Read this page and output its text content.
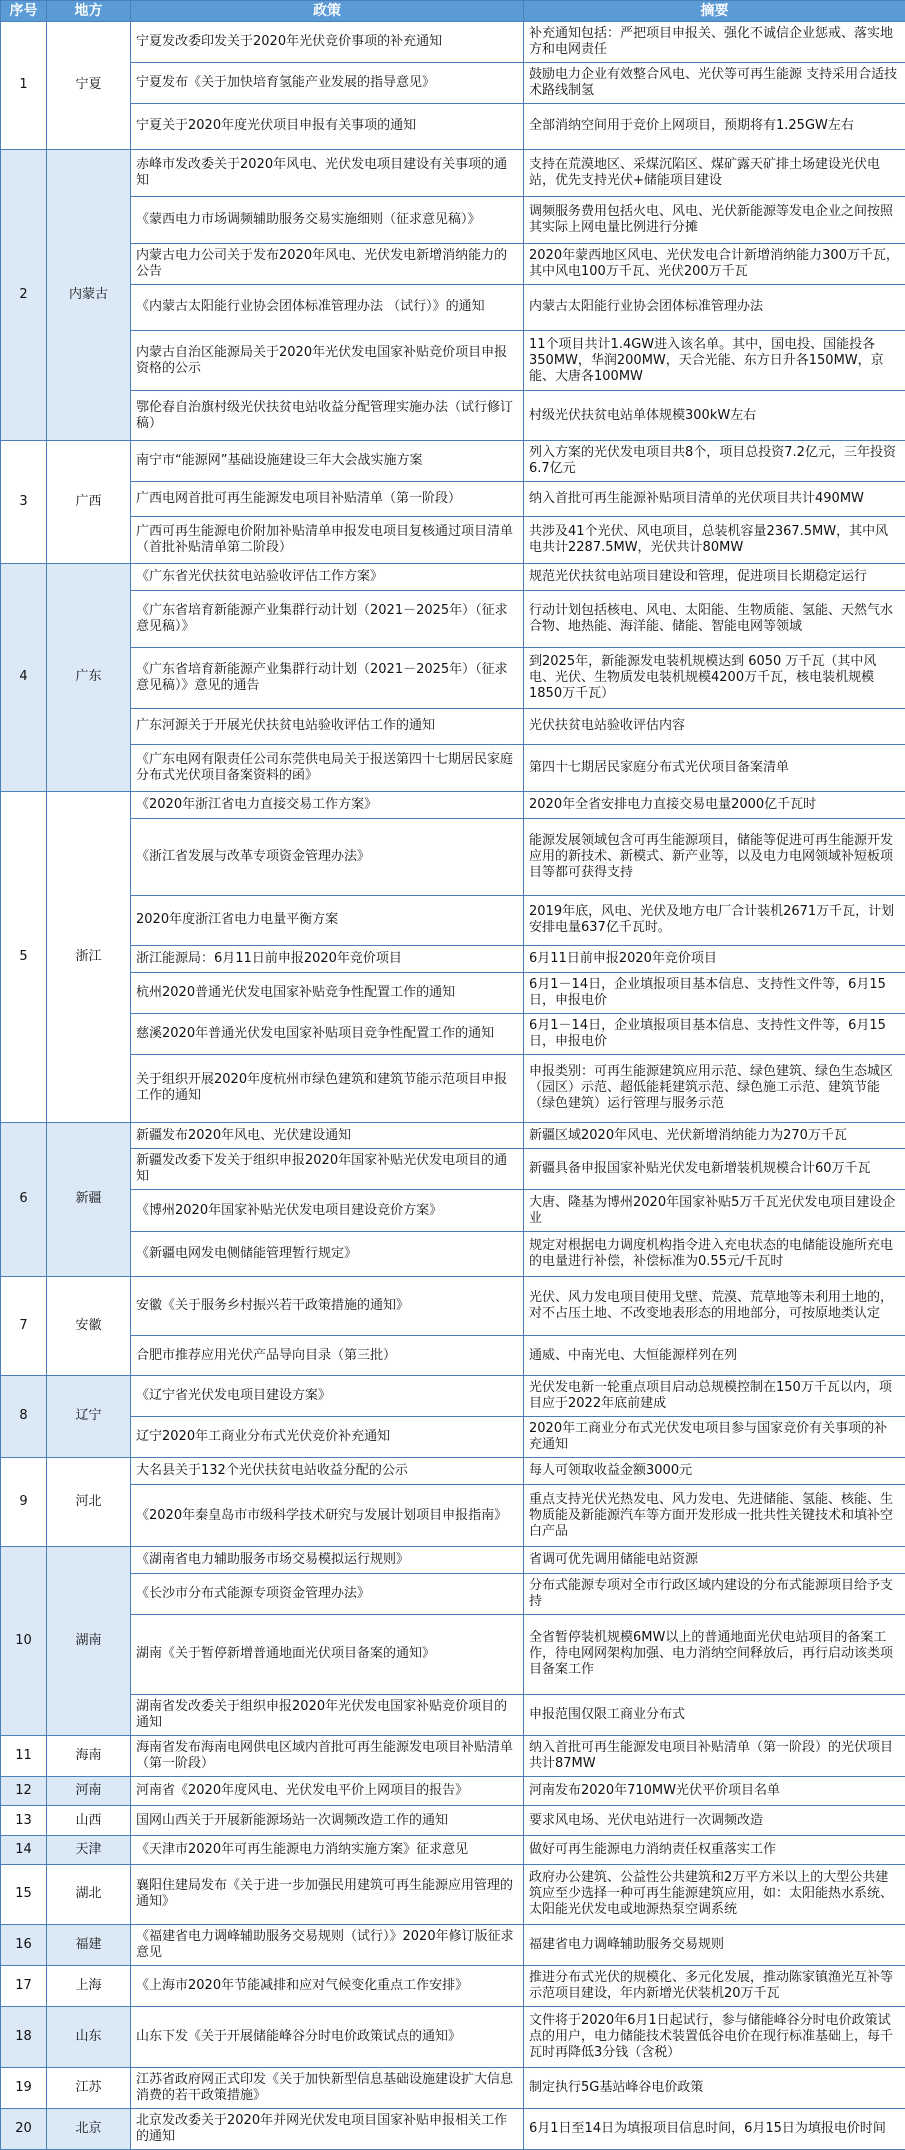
序号	地方	政策	摘要
1	宁夏	宁夏发改委印发关于2020年光伏竞价事项的补充通知	补充通知包括：严把项目申报关、强化不诚信企业惩戒、落实地方和电网责任
		宁夏发布《关于加快培育氢能产业发展的指导意见》	鼓励电力企业有效整合风电、光伏等可再生能源 支持采用合适技术路线制氢
		宁夏关于2020年度光伏项目申报有关事项的通知	全部消纳空间用于竞价上网项目，预期将有1.25GW左右
2	内蒙古	赤峰市发改委关于2020年风电、光伏发电项目建设有关事项的通知	支持在荒漠地区、采煤沉陷区、煤矿露天矿排土场建设光伏电站，优先支持光伏+储能项目建设
		《蒙西电力市场调频辅助服务交易实施细则（征求意见稿）》	调频服务费用包括火电、风电、光伏新能源等发电企业之间按照其实际上网电量比例进行分摊
		内蒙古电力公司关于发布2020年风电、光伏发电新增消纳能力的公告	2020年蒙西地区风电、光伏发电合计新增消纳能力300万千瓦，其中风电100万千瓦、光伏200万千瓦
		《内蒙古太阳能行业协会团体标准管理办法 （试行）》的通知	内蒙古太阳能行业协会团体标准管理办法
		内蒙古自治区能源局关于2020年光伏发电国家补贴竞价项目申报资格的公示	11个项目共计1.4GW进入该名单。其中，国电投、国能投各350MW，华润200MW，天合光能、东方日升各150MW，京能、大唐各100MW
		鄂伦春自治旗村级光伏扶贫电站收益分配管理实施办法（试行修订稿）	村级光伏扶贫电站单体规模300kW左右
3	广西	南宁市“能源网”基础设施建设三年大会战实施方案	列入方案的光伏发电项目共8个，项目总投资7.2亿元，三年投资6.7亿元
		广西电网首批可再生能源发电项目补贴清单（第一阶段）	纳入首批可再生能源补贴项目清单的光伏项目共计490MW
		广西可再生能源电价附加补贴清单申报发电项目复核通过项目清单（首批补贴清单第二阶段）	共涉及41个光伏、风电项目，总装机容量2367.5MW，其中风电共计2287.5MW，光伏共计80MW
4	广东	《广东省光伏扶贫电站验收评估工作方案》	规范光伏扶贫电站项目建设和管理，促进项目长期稳定运行
		《广东省培育新能源产业集群行动计划（2021－2025年）（征求意见稿）》	行动计划包括核电、风电、太阳能、生物质能、氢能、天然气水合物、地热能、海洋能、储能、智能电网等领域
		《广东省培育新能源产业集群行动计划（2021－2025年）（征求意见稿）》意见的通告	到2025年，新能源发电装机规模达到 6050 万千瓦（其中风电、光伏、生物质发电装机规模4200万千瓦，核电装机规模1850万千瓦）
		广东河源关于开展光伏扶贫电站验收评估工作的通知	光伏扶贫电站验收评估内容
		《广东电网有限责任公司东莞供电局关于报送第四十七期居民家庭分布式光伏项目备案资料的函》	第四十七期居民家庭分布式光伏项目备案清单
5	浙江	《2020年浙江省电力直接交易工作方案》	2020年全省安排电力直接交易电量2000亿千瓦时
		《浙江省发展与改革专项资金管理办法》	能源发展领域包含可再生能源项目，储能等促进可再生能源开发应用的新技术、新模式、新产业等，以及电力电网领域补短板项目等都可获得支持
		2020年度浙江省电力电量平衡方案	2019年底，风电、光伏及地方电厂合计装机2671万千瓦，计划安排电量637亿千瓦时。
		浙江能源局：6月11日前申报2020年竞价项目	6月11日前申报2020年竞价项目
		杭州2020普通光伏发电国家补贴竞争性配置工作的通知	6月1－14日，企业填报项目基本信息、支持性文件等，6月15日，申报电价
		慈溪2020年普通光伏发电国家补贴项目竞争性配置工作的通知	6月1－14日，企业填报项目基本信息、支持性文件等，6月15日，申报电价
		关于组织开展2020年度杭州市绿色建筑和建筑节能示范项目申报工作的通知	申报类别：可再生能源建筑应用示范、绿色建筑、绿色生态城区（园区）示范、超低能耗建筑示范、绿色施工示范、建筑节能（绿色建筑）运行管理与服务示范
6	新疆	新疆发布2020年风电、光伏建设通知	新疆区域2020年风电、光伏新增消纳能力为270万千瓦
		新疆发改委下发关于组织申报2020年国家补贴光伏发电项目的通知	新疆具备申报国家补贴光伏发电新增装机规模合计60万千瓦
		《博州2020年国家补贴光伏发电项目建设竞价方案》	大唐、隆基为博州2020年国家补贴5万千瓦光伏发电项目建设企业
		《新疆电网发电侧储能管理暂行规定》	规定对根据电力调度机构指令进入充电状态的电储能设施所充电的电量进行补偿，补偿标准为0.55元/千瓦时
7	安徽	安徽《关于服务乡村振兴若干政策措施的通知》	光伏、风力发电项目使用戈壁、荒漠、荒草地等未利用土地的，对不占压土地、不改变地表形态的用地部分，可按原地类认定
		合肥市推荐应用光伏产品导向目录（第三批）	通威、中南光电、大恒能源样列在列
8	辽宁	《辽宁省光伏发电项目建设方案》	光伏发电新一轮重点项目启动总规模控制在150万千瓦以内，项目应于2022年底前建成
		辽宁2020年工商业分布式光伏竞价补充通知	2020年工商业分布式光伏发电项目参与国家竞价有关事项的补充通知
9	河北	大名县关于132个光伏扶贫电站收益分配的公示	每人可领取收益金额3000元
		《2020年秦皇岛市市级科学技术研究与发展计划项目申报指南》	重点支持光伏光热发电、风力发电、先进储能、氢能、核能、生物质能及新能源汽车等方面开发形成一批共性关键技术和填补空白产品
10	湖南	《湖南省电力辅助服务市场交易模拟运行规则》	省调可优先调用储能电站资源
		《长沙市分布式能源专项资金管理办法》	分布式能源专项对全市行政区域内建设的分布式能源项目给予支持
		湖南《关于暂停新增普通地面光伏项目备案的通知》	全省暂停装机规模6MW以上的普通地面光伏电站项目的备案工作，待电网网架构加强、电力消纳空间释放后，再行启动该类项目备案工作
		湖南省发改委关于组织申报2020年光伏发电国家补贴竞价项目的通知	申报范围仅限工商业分布式
11	海南	海南省发布海南电网供电区域内首批可再生能源发电项目补贴清单（第一阶段）	纳入首批可再生能源发电项目补贴清单（第一阶段）的光伏项目共计87MW
12	河南	河南省《2020年度风电、光伏发电平价上网项目的报告》	河南发布2020年710MW光伏平价项目名单
13	山西	国网山西关于开展新能源场站一次调频改造工作的通知	要求风电场、光伏电站进行一次调频改造
14	天津	《天津市2020年可再生能源电力消纳实施方案》征求意见	做好可再生能源电力消纳责任权重落实工作
15	湖北	襄阳住建局发布《关于进一步加强民用建筑可再生能源应用管理的通知》	政府办公建筑、公益性公共建筑和2万平方米以上的大型公共建筑应至少选择一种可再生能源建筑应用，如：太阳能热水系统、太阳能光伏发电或地源热泵空调系统
16	福建	《福建省电力调峰辅助服务交易规则（试行）》2020年修订版征求意见	福建省电力调峰辅助服务交易规则
17	上海	《上海市2020年节能减排和应对气候变化重点工作安排》	推进分布式光伏的规模化、多元化发展，推动陈家镇渔光互补等示范项目建设，年内新增光伏装机20万千瓦
18	山东	山东下发《关于开展储能峰谷分时电价政策试点的通知》	文件将于2020年6月1日起试行，参与储能峰谷分时电价政策试点的用户，电力储能技术装置低谷电价在现行标准基础上，每千瓦时再降低3分钱（含税）
19	江苏	江苏省政府网正式印发《关于加快新型信息基础设施建设扩大信息消费的若干政策措施》	制定执行5G基站峰谷电价政策
20	北京	北京发改委关于2020年并网光伏发电项目国家补贴申报相关工作的通知	6月1日至14日为填报项目信息时间，6月15日为填报电价时间
